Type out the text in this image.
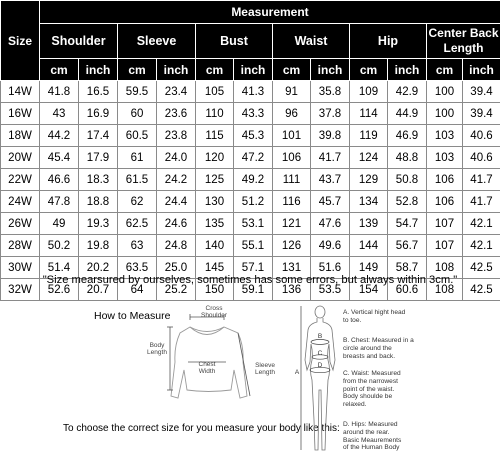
Size	Measurement											
	Shoulder		Sleeve		Bust		Waist		Hip		Center Back Length	
	cm	inch	cm	inch	cm	inch	cm	inch	cm	inch	cm	inch
14W	41.8	16.5	59.5	23.4	105	41.3	91	35.8	109	42.9	100	39.4
16W	43	16.9	60	23.6	110	43.3	96	37.8	114	44.9	100	39.4
18W	44.2	17.4	60.5	23.8	115	45.3	101	39.8	119	46.9	103	40.6
20W	45.4	17.9	61	24.0	120	47.2	106	41.7	124	48.8	103	40.6
22W	46.6	18.3	61.5	24.2	125	49.2	111	43.7	129	50.8	106	41.7
24W	47.8	18.8	62	24.4	130	51.2	116	45.7	134	52.8	106	41.7
26W	49	19.3	62.5	24.6	135	53.1	121	47.6	139	54.7	107	42.1
28W	50.2	19.8	63	24.8	140	55.1	126	49.6	144	56.7	107	42.1
30W	51.4	20.2	63.5	25.0	145	57.1	131	51.6	149	58.7	108	42.5
32W	52.6	20.7	64	25.2	150	59.1	136	53.5	154	60.6	108	42.5
"Size mearsured by ourselves, sometimes has some errors, but always within 3cm."
How to Measure
Cross
Shoulder
Body
Length
Chest
Width
Sleeve
Length
To choose the correct size for you measure your body like this:
A
B
C
D
A. Vertical hight head
to toe.
B. Chest: Measured in a
circle around the
breasts and back.
C. Waist: Measured
from the narrowest
point of the waist.
Body shoulde be
relaxed.
D. Hips: Measured
around the rear.
Basic Meaurements
of the Human Body
